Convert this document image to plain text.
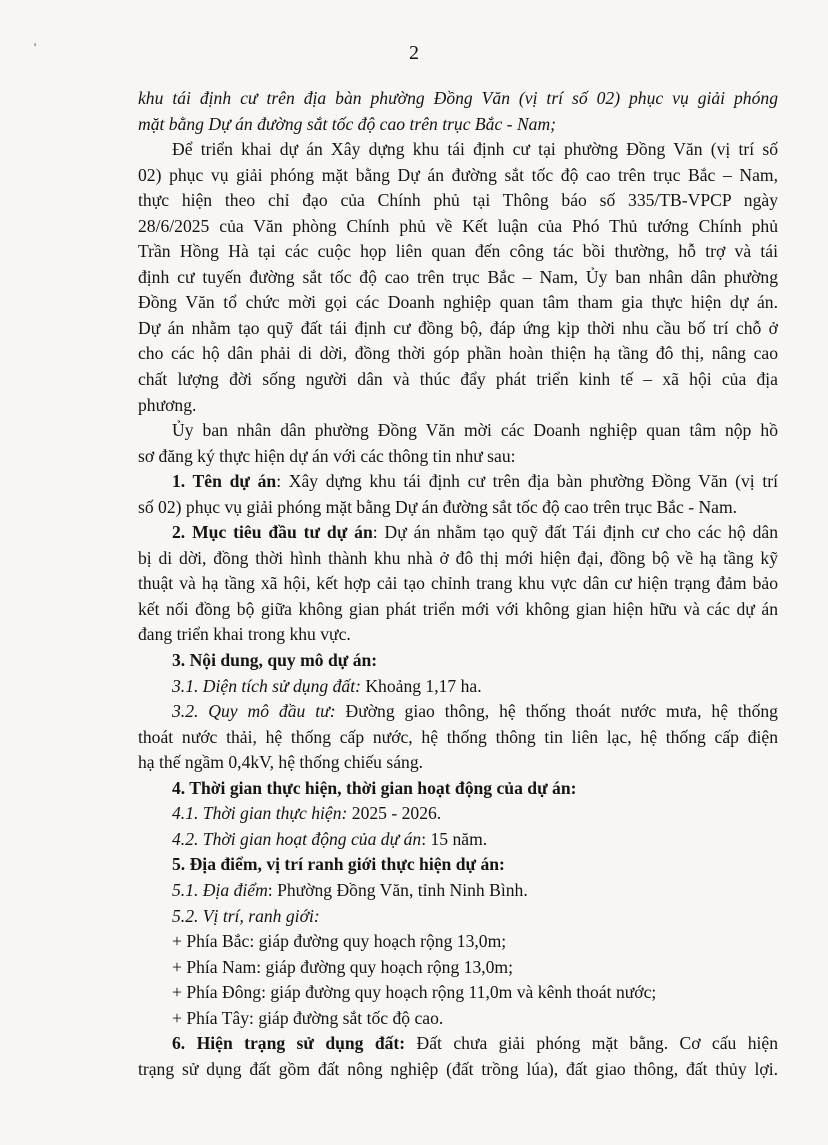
'	2
khu tái định cư trên địa bàn phường Đồng Văn (vị trí số 02) phục vụ giải phóng
mặt bằng Dự án đường sắt tốc độ cao trên trục Bắc - Nam;
Để triển khai dự án Xây dựng khu tái định cư tại phường Đồng Văn (vị trí số
02) phục vụ giải phóng mặt bằng Dự án đường sắt tốc độ cao trên trục Bắc – Nam,
thực hiện theo chỉ đạo của Chính phủ tại Thông báo số 335/TB-VPCP ngày
28/6/2025 của Văn phòng Chính phủ về Kết luận của Phó Thủ tướng Chính phủ
Trần Hồng Hà tại các cuộc họp liên quan đến công tác bồi thường, hỗ trợ và tái
định cư tuyến đường sắt tốc độ cao trên trục Bắc – Nam, Ủy ban nhân dân phường
Đồng Văn tổ chức mời gọi các Doanh nghiệp quan tâm tham gia thực hiện dự án.
Dự án nhằm tạo quỹ đất tái định cư đồng bộ, đáp ứng kịp thời nhu cầu bố trí chỗ ở
cho các hộ dân phải di dời, đồng thời góp phần hoàn thiện hạ tầng đô thị, nâng cao
chất lượng đời sống người dân và thúc đẩy phát triển kinh tế – xã hội của địa
phương.
Ủy ban nhân dân phường Đồng Văn mời các Doanh nghiệp quan tâm nộp hồ
sơ đăng ký thực hiện dự án với các thông tin như sau:
1. Tên dự án: Xây dựng khu tái định cư trên địa bàn phường Đồng Văn (vị trí
số 02) phục vụ giải phóng mặt bằng Dự án đường sắt tốc độ cao trên trục Bắc - Nam.
2. Mục tiêu đầu tư dự án: Dự án nhằm tạo quỹ đất Tái định cư cho các hộ dân
bị di dời, đồng thời hình thành khu nhà ở đô thị mới hiện đại, đồng bộ về hạ tầng kỹ
thuật và hạ tầng xã hội, kết hợp cải tạo chỉnh trang khu vực dân cư hiện trạng đảm bảo
kết nối đồng bộ giữa không gian phát triển mới với không gian hiện hữu và các dự án
đang triển khai trong khu vực.
3. Nội dung, quy mô dự án:
3.1. Diện tích sử dụng đất: Khoảng 1,17 ha.
3.2. Quy mô đầu tư: Đường giao thông, hệ thống thoát nước mưa, hệ thống
thoát nước thải, hệ thống cấp nước, hệ thống thông tin liên lạc, hệ thống cấp điện
hạ thế ngầm 0,4kV, hệ thống chiếu sáng.
4. Thời gian thực hiện, thời gian hoạt động của dự án:
4.1. Thời gian thực hiện: 2025 - 2026.
4.2. Thời gian hoạt động của dự án: 15 năm.
5. Địa điểm, vị trí ranh giới thực hiện dự án:
5.1. Địa điểm: Phường Đồng Văn, tỉnh Ninh Bình.
5.2. Vị trí, ranh giới:
+ Phía Bắc: giáp đường quy hoạch rộng 13,0m;
+ Phía Nam: giáp đường quy hoạch rộng 13,0m;
+ Phía Đông: giáp đường quy hoạch rộng 11,0m và kênh thoát nước;
+ Phía Tây: giáp đường sắt tốc độ cao.
6. Hiện trạng sử dụng đất: Đất chưa giải phóng mặt bằng. Cơ cấu hiện
trạng sử dụng đất gồm đất nông nghiệp (đất trồng lúa), đất giao thông, đất thủy lợi.
